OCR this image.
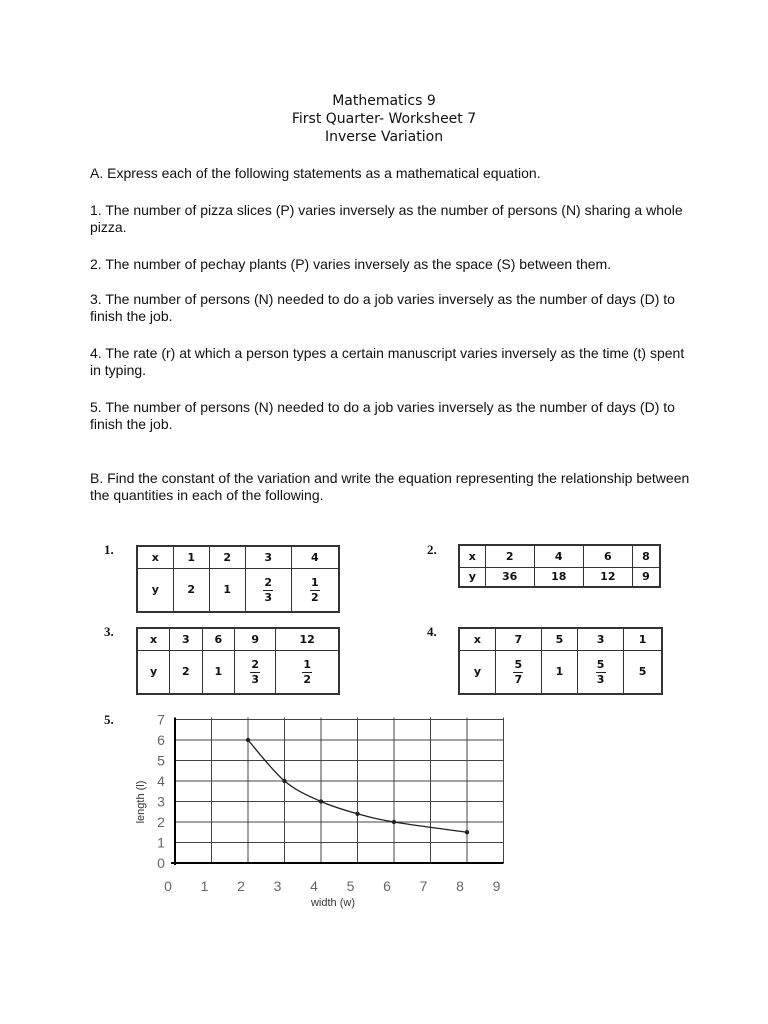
Mathematics 9
First Quarter- Worksheet 7
Inverse Variation
A. Express each of the following statements as a mathematical equation.
1. The number of pizza slices (P) varies inversely as the number of persons (N) sharing a whole pizza.
2. The number of pechay plants (P) varies inversely as the space (S) between them.
3. The number of persons (N) needed to do a job varies inversely as the number of days (D) to finish the job.
4. The rate (r) at which a person types a certain manuscript varies inversely as the time (t) spent in typing.
5. The number of persons (N) needed to do a job varies inversely as the number of days (D) to finish the job.
B. Find the constant of the variation and write the equation representing the relationship between the quantities in each of the following.
1.
x	1	2	3	4
y	2	1	$\frac{2}{3}$	$\frac{1}{2}$
2.	x	2	4	6	8
y	36	18	12	9
3.
x	3	6	9	12
y	2	1	$\frac{2}{3}$	$\frac{1}{2}$
4.
x	7	5	3	1
y	$\frac{5}{7}$	1	$\frac{5}{3}$	5
5.
0
1
2
3
4
5
6
7
0 1 2 3 4 5 6 7 8 9
width (w)
length (l)
